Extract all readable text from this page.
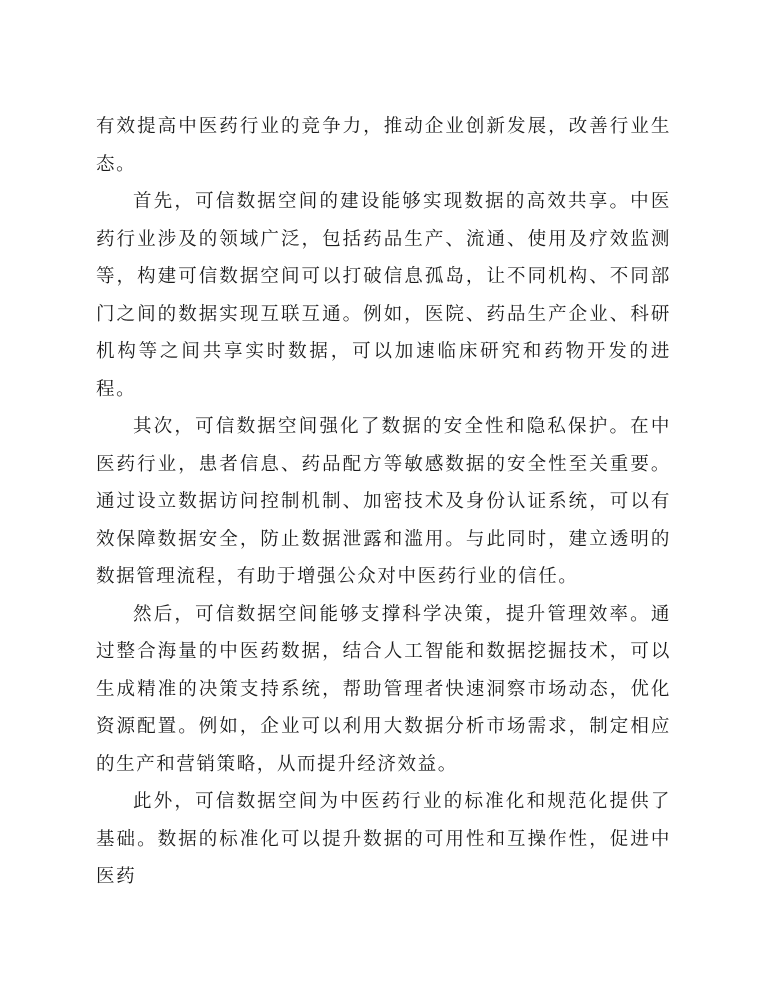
有效提高中医药行业的竞争力，推动企业创新发展，改善行业生态。

首先，可信数据空间的建设能够实现数据的高效共享。中医药行业涉及的领域广泛，包括药品生产、流通、使用及疗效监测等，构建可信数据空间可以打破信息孤岛，让不同机构、不同部门之间的数据实现互联互通。例如，医院、药品生产企业、科研机构等之间共享实时数据，可以加速临床研究和药物开发的进程。

其次，可信数据空间强化了数据的安全性和隐私保护。在中医药行业，患者信息、药品配方等敏感数据的安全性至关重要。通过设立数据访问控制机制、加密技术及身份认证系统，可以有效保障数据安全，防止数据泄露和滥用。与此同时，建立透明的数据管理流程，有助于增强公众对中医药行业的信任。

然后，可信数据空间能够支撑科学决策，提升管理效率。通过整合海量的中医药数据，结合人工智能和数据挖掘技术，可以生成精准的决策支持系统，帮助管理者快速洞察市场动态，优化资源配置。例如，企业可以利用大数据分析市场需求，制定相应的生产和营销策略，从而提升经济效益。

此外，可信数据空间为中医药行业的标准化和规范化提供了基础。数据的标准化可以提升数据的可用性和互操作性，促进中医药
